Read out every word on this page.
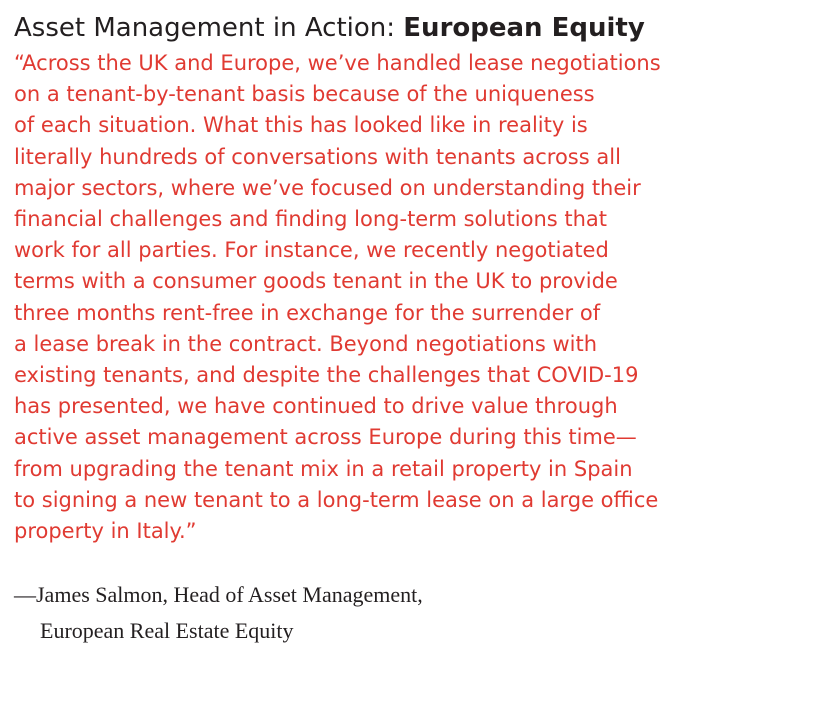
Asset Management in Action: European Equity
“Across the UK and Europe, we’ve handled lease negotiations
on a tenant-by-tenant basis because of the uniqueness
of each situation. What this has looked like in reality is
literally hundreds of conversations with tenants across all
major sectors, where we’ve focused on understanding their
financial challenges and finding long-term solutions that
work for all parties. For instance, we recently negotiated
terms with a consumer goods tenant in the UK to provide
three months rent-free in exchange for the surrender of
a lease break in the contract. Beyond negotiations with
existing tenants, and despite the challenges that COVID-19
has presented, we have continued to drive value through
active asset management across Europe during this time—
from upgrading the tenant mix in a retail property in Spain
to signing a new tenant to a long-term lease on a large office
property in Italy.”
—James Salmon, Head of Asset Management,
European Real Estate Equity
